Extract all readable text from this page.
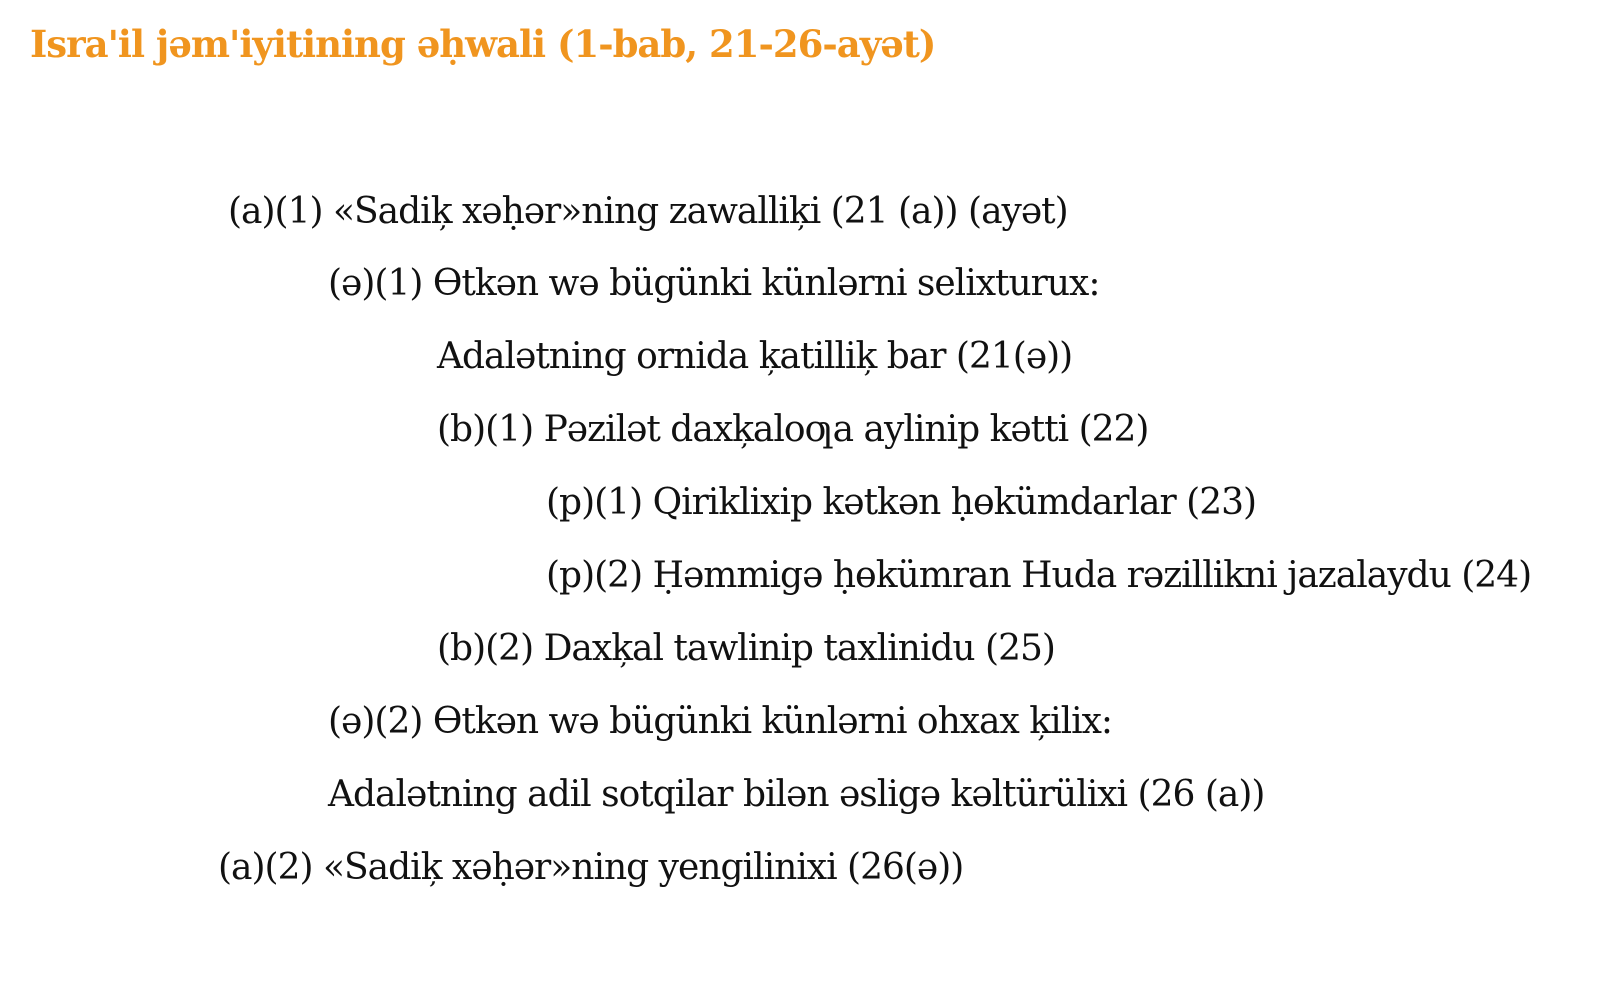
Isra'il jəm'iyitining əḥwali (1-bab, 21-26-ayət)
(a)(1) «Sadiķ xəḥər»ning zawalliķi (21 (a)) (ayət)
(ə)(1) Ɵtkən wə bügünki künlərni selixturux:
Adalətning ornida ķatilliķ bar (21(ə))
(b)(1) Pəzilət daxķaloƣa aylinip kətti (22)
(p)(1) Qiriklixip kətkən ḥөkümdarlar (23)
(p)(2) Ḥəmmigə ḥөkümran Huda rəzillikni jazalaydu (24)
(b)(2) Daxķal tawlinip taxlinidu (25)
(ə)(2) Ɵtkən wə bügünki künlərni ohxax ķilix:
Adalətning adil sotqilar bilən əsligə kəltürülixi (26 (a))
(a)(2) «Sadiķ xəḥər»ning yengilinixi (26(ə))
